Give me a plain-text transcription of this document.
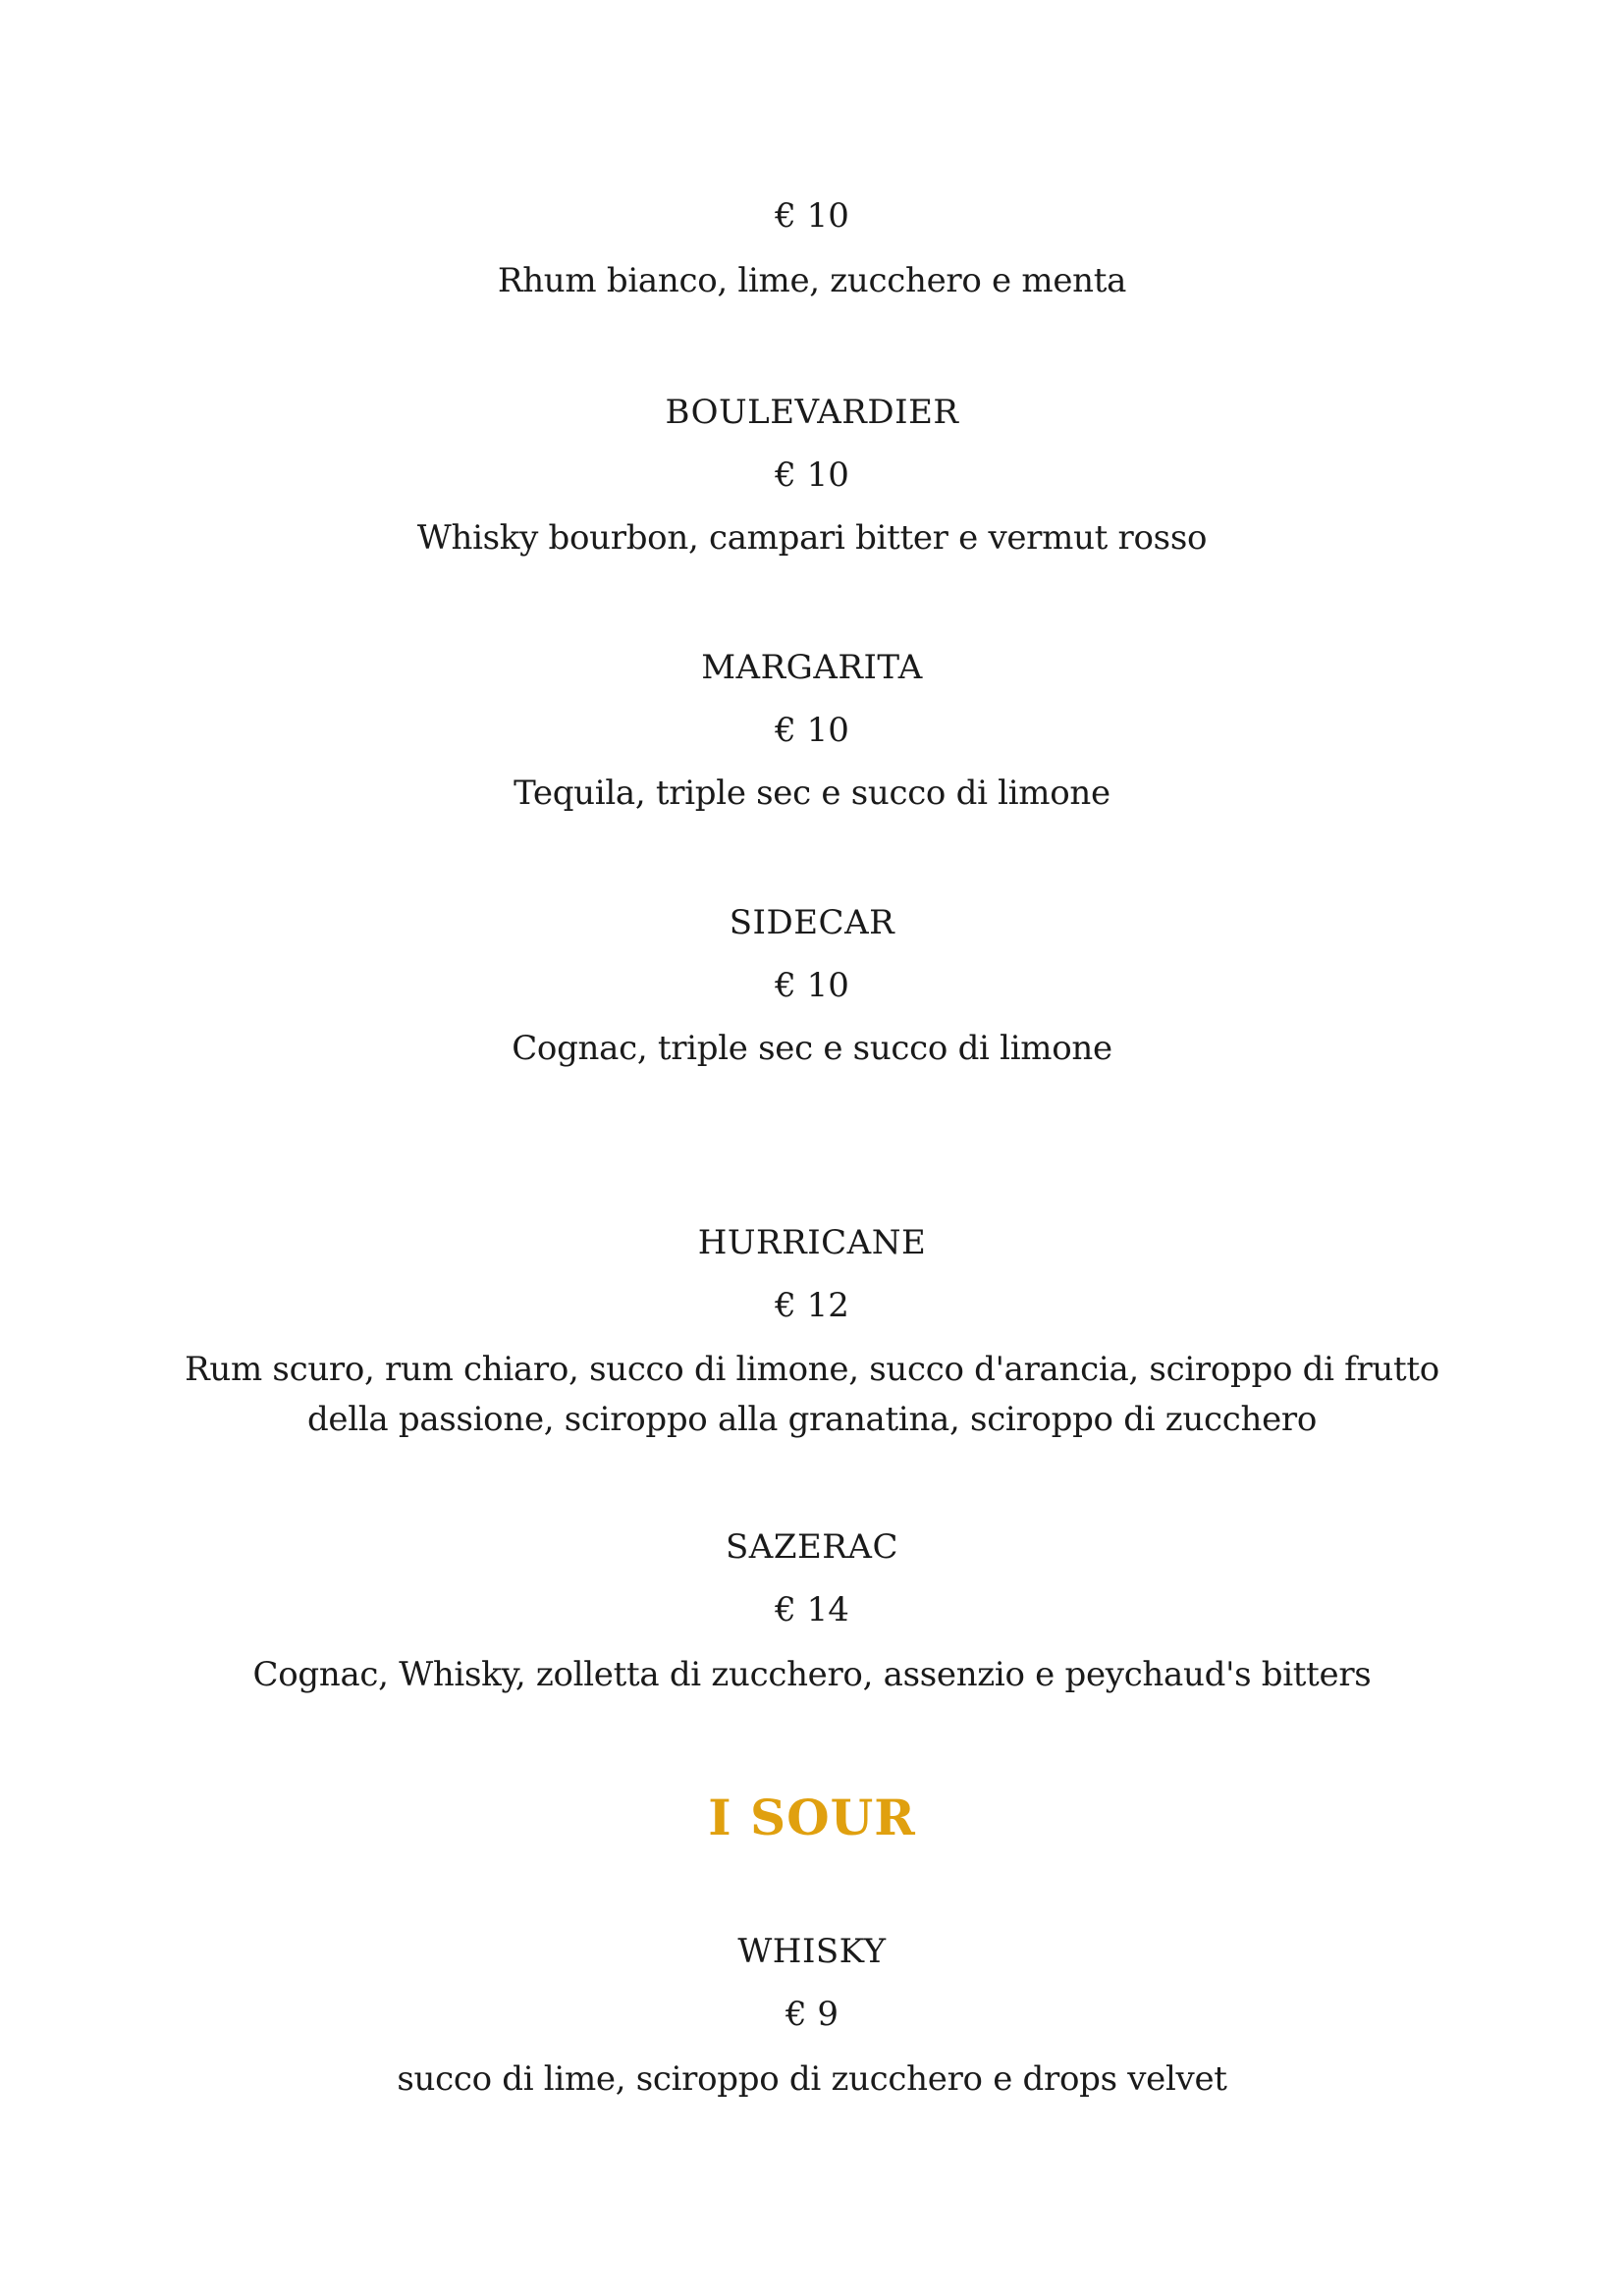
€ 10
Rhum bianco, lime, zucchero e menta
BOULEVARDIER
€ 10
Whisky bourbon, campari bitter e vermut rosso
MARGARITA
€ 10
Tequila, triple sec e succo di limone
SIDECAR
€ 10
Cognac, triple sec e succo di limone
HURRICANE
€ 12
Rum scuro, rum chiaro, succo di limone, succo d'arancia, sciroppo di frutto della passione, sciroppo alla granatina, sciroppo di zucchero
SAZERAC
€ 14
Cognac, Whisky, zolletta di zucchero, assenzio e peychaud's bitters
I SOUR
WHISKY
€ 9
succo di lime, sciroppo di zucchero e drops velvet
